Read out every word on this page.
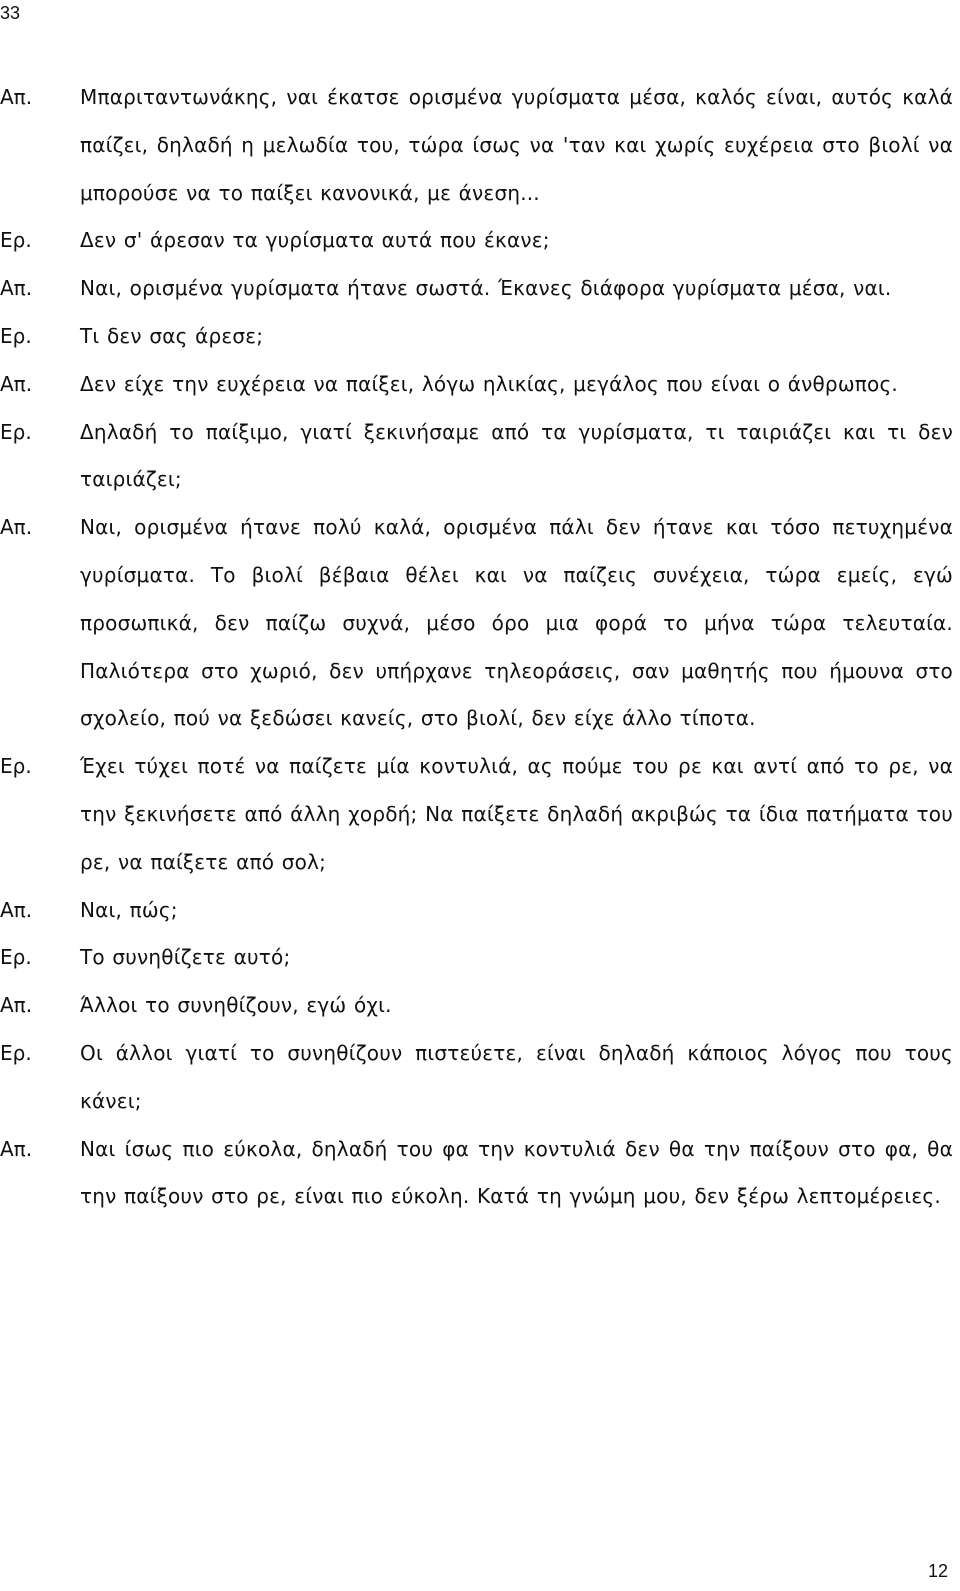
33
Απ.	Μπαριταντωνάκης, ναι έκατσε ορισμένα γυρίσματα μέσα, καλός είναι, αυτός καλά παίζει, δηλαδή η μελωδία του, τώρα ίσως να 'ταν και χωρίς ευχέρεια στο βιολί να μπορούσε να το παίξει κανονικά, με άνεση...
Ερ.	Δεν σ' άρεσαν τα γυρίσματα αυτά που έκανε;
Απ.	Ναι, ορισμένα γυρίσματα ήτανε σωστά. Έκανες διάφορα γυρίσματα μέσα, ναι.
Ερ.	Τι δεν σας άρεσε;
Απ.	Δεν είχε την ευχέρεια να παίξει, λόγω ηλικίας, μεγάλος που είναι ο άνθρωπος.
Ερ.	Δηλαδή το παίξιμο, γιατί ξεκινήσαμε από τα γυρίσματα, τι ταιριάζει και τι δεν ταιριάζει;
Απ.	Ναι, ορισμένα ήτανε πολύ καλά, ορισμένα πάλι δεν ήτανε και τόσο πετυχημένα γυρίσματα. Το βιολί βέβαια θέλει και να παίζεις συνέχεια, τώρα εμείς, εγώ προσωπικά, δεν παίζω συχνά, μέσο όρο μια φορά το μήνα τώρα τελευταία. Παλιότερα στο χωριό, δεν υπήρχανε τηλεοράσεις, σαν μαθητής που ήμουνα στο σχολείο, πού να ξεδώσει κανείς, στο βιολί, δεν είχε άλλο τίποτα.
Ερ.	Έχει τύχει ποτέ να παίζετε μία κοντυλιά, ας πούμε του ρε και αντί από το ρε, να την ξεκινήσετε από άλλη χορδή; Να παίξετε δηλαδή ακριβώς τα ίδια πατήματα του ρε, να παίξετε από σολ;
Απ.	Ναι, πώς;
Ερ.	Το συνηθίζετε αυτό;
Απ.	Άλλοι το συνηθίζουν, εγώ όχι.
Ερ.	Οι άλλοι γιατί το συνηθίζουν πιστεύετε, είναι δηλαδή κάποιος λόγος που τους κάνει;
Απ.	Ναι ίσως πιο εύκολα, δηλαδή του φα την κοντυλιά δεν θα την παίξουν στο φα, θα την παίξουν στο ρε, είναι πιο εύκολη. Κατά τη γνώμη μου, δεν ξέρω λεπτομέρειες.
12
